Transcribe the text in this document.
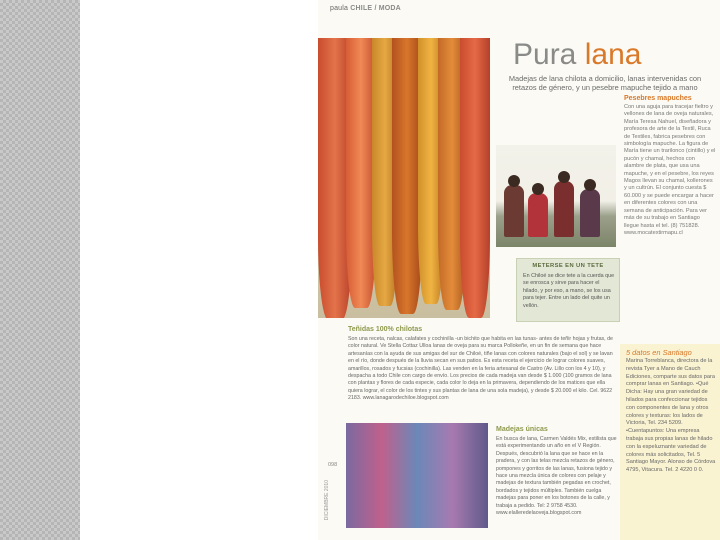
paula CHILE / MODA
Pura lana
Madejas de lana chilota a domicilio, lanas intervenidas con retazos de género, y un pesebre mapuche tejido a mano
Pesebres mapuches
Con una aguja para tracejar fieltro y vellones de lana de oveja naturales, María Teresa Nahuel, diseñadora y profesora de arte de la Textil, Ruca de Textiles, fabrica pesebres con simbología mapuche. La figura de María tiene un trarilonco (cintillo) y el pucón y chamal, hechos con alambre de plata, que usa una mapuche, y en el pesebre, los reyes Magos llevan su chamal, kollerones y un cultrún. El conjunto cuesta $ 60.000 y se puede encargar a hacer en diferentes colores con una semana de anticipación. Para ver más de su trabajo en Santiago llegue hasta el tel. (8) 751828. www.mocatextirmapu.cl
METERSE EN UN TETE
En Chiloé se dice tete a la cuerda que se enrosca y sirve para hacer el hilado, y por eso, a mano, se los usa para tejer. Entre un lado del quite un vellón.
Teñidas 100% chilotas
Son una receta, nalcas, calafates y cochinilla -un bichito que habita en las tunas- antes de teñir hojas y frutas, de color natural. Ve Stella Cottaz Ulloa lanas de oveja para su marca Pollokeñe, en un fin de semana que hace artesanías con la ayuda de sus amigas del sur de Chiloé, tiñe lanas con colores naturales (bajo el sol) y se lavan en el río, donde después de la lluvia secan en sus patios. Es esta receta el ejercicio de lograr colores suaves, amarillos, rosados y fucsias (cochinilla). Las venden en la feria artesanal de Castro (Av. Lillo con los 4 y 10), y despacha a todo Chile con cargo de envío. Los precios de cada madeja van desde $ 1.000 (100 gramos de lana con plantas y flores de cada especie, cada color lo deja en la primavera, dependiendo de los matices que ella quiera lograr, el color de los tintes y sus plantas de lana de una sola madeja), y desde $ 20.000 el kilo. Cel. 9622 2183. www.lanagarodechiloe.blogspot.com
5 datos en Santiago
Marina Torreblanca, directora de la revista Tyer a Mano de Cauch Ediciones, comparte sus datos para comprar lanas en Santiago. •Qué Dicha: Hay una gran variedad de hilados para confeccionar tejidos con componentes de lana y otros colores y texturas: los lados de Victoria, Tel. 234 5209. •Cuentapuntos: Una empresa trabaja sus propias lanas de hilado con la espeluznante variedad de colores más solicitados, Tel. 5 Santiago Mayor. Alonso de Córdova 4795, Vitacura. Tel. 2 4220 0 0.
Madejas únicas
En busca de lana, Carmen Valdés Mix, estilista que está experimentando un año en el V Región. Después, descubrió la lana que se hace en la pradera, y con las telas mezcla retazos de género, pompones y gorritos de las lanas, fusiona tejido y hace una mezcla única de colores con pelaje y madejas de textura también pegadas en crochet, bordados y tejidos múltiples. También cuelga madejas para poner en los botones de la calle, y trabaja a pedido. Tel: 2 9758 4530. www.elalleredelaoveja.blogspot.com
098
DICIEMBRE 2010
